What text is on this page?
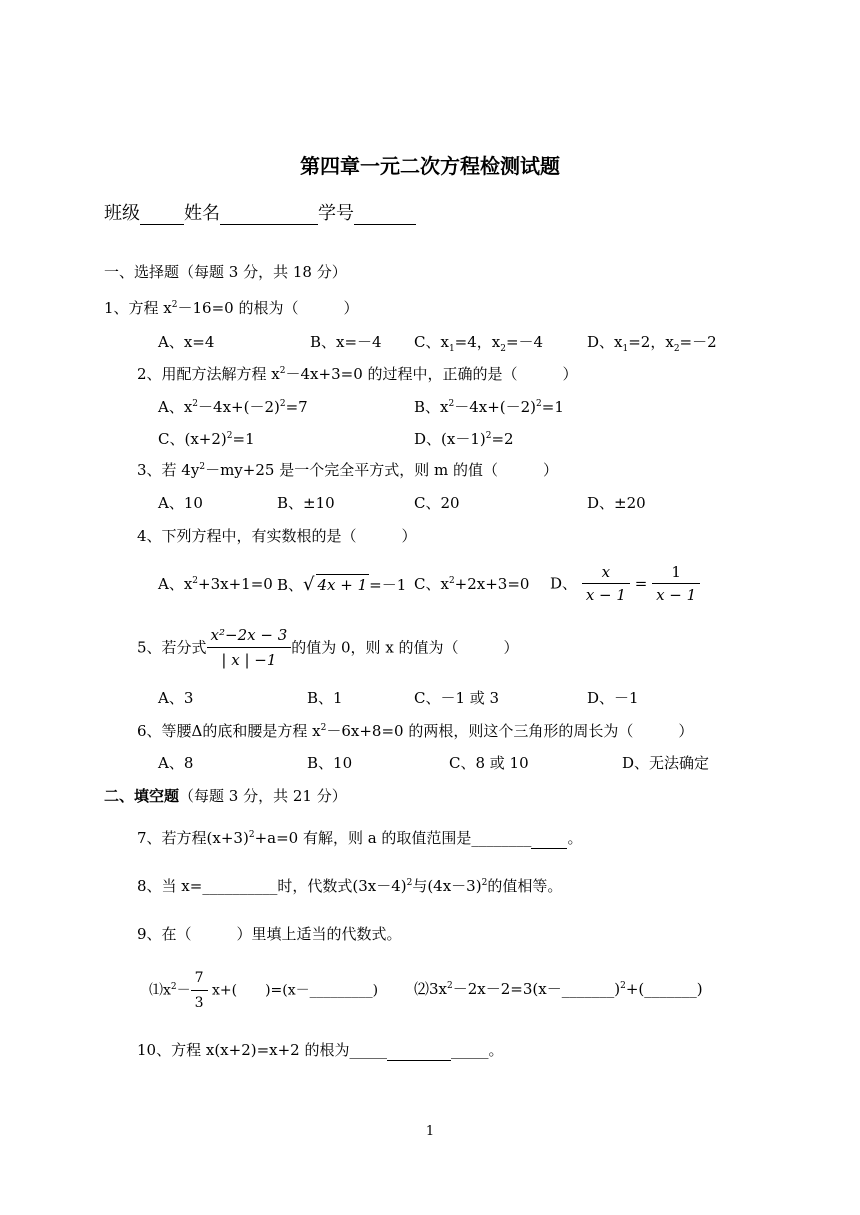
第四章一元二次方程检测试题
班级 姓名	学号
一、选择题（每题 3 分，共 18 分）
1、方程 $x^2-16=0$ 的根为（　　　）
A、x=4	B、x=－4 C、$x_1=4$，$x_2=-4$	D、$x_1=2$，$x_2=-2$
2、用配方法解方程 $x^2-4x+3=0$ 的过程中，正确的是（　　　）
A、$x^2-4x+(-2)^2=7$	B、$x^2-4x+(-2)^2=1$
C、$(x+2)^2=1$	D、$(x-1)^2=2$
3、若 $4y^2-my+25$ 是一个完全平方式，则 m 的值（　　　）
A、10	B、±10	C、20	D、±20
4、下列方程中，有实数根的是（　　　）
A、$x^2+3x+1=0$ B、√ 4x + 1 =－1 C、$x^2+2x+3=0$ D、 $\frac{x}{x - 1} = \frac{1}{x - 1}$
5、若分式 $\frac{\text{x²−2x − 3}}{| x | -1}$ 的值为 0，则 x 的值为（　　　）
A、3	B、1	C、－1 或 3	D、－1
6、等腰Δ的底和腰是方程 $x^2-6x+8=0$ 的两根，则这个三角形的周长为（　　　）
A、8	B、10	C、8 或 10	D、无法确定
二、填空题（每题 3 分，共 21 分）
7、若方程$(x+3)^2+a=0$ 有解，则 a 的取值范围是________ 。
8、当 x=__________时，代数式$(3x-4)^2$与$(4x-3)^2$的值相等。
9、在（　　　）里填上适当的代数式。
$⑴x^2- \frac{7}{3} x+$(　　)=(x－_________) $⑵3x^2-2x-2=3(x-\_\_\_\_\_\_\_)^2+(\_\_\_\_\_\_\_)$
10、方程 x(x+2)=x+2 的根为_____	_____。
1
